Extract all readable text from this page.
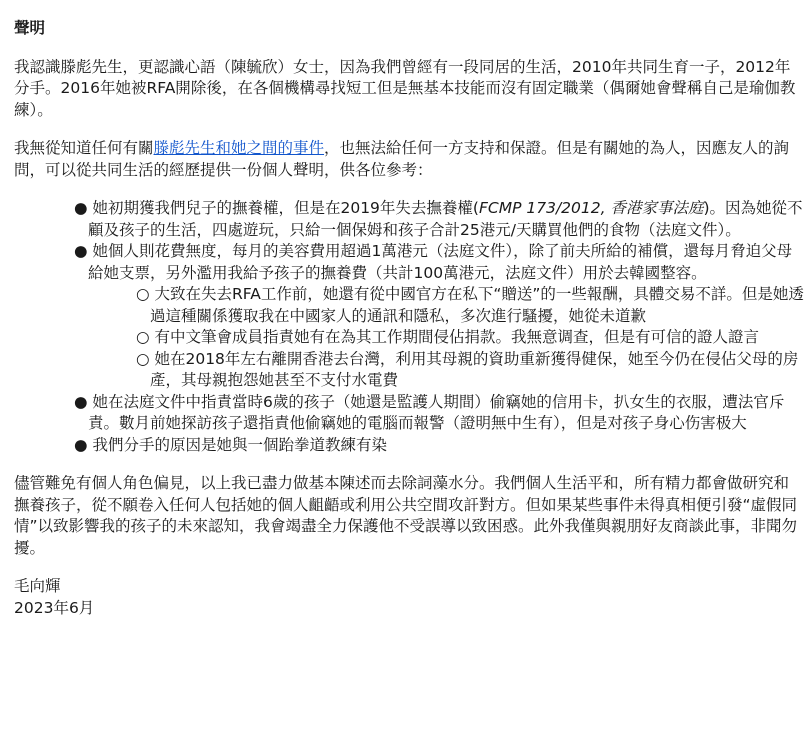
聲明

我認識滕彪先生，更認識心語（陳毓欣）女士，因為我們曾經有一段同居的生活，2010年共同生育一子，2012年分手。2016年她被RFA開除後，在各個機構尋找短工但是無基本技能而沒有固定職業（偶爾她會聲稱自己是瑜伽教練）。

我無從知道任何有關滕彪先生和她之間的事件，也無法給任何一方支持和保證。但是有關她的為人，因應友人的詢問，可以從共同生活的經歷提供一份個人聲明，供各位參考：

● 她初期獲我們兒子的撫養權，但是在2019年失去撫養權(FCMP 173/2012, 香港家事法庭)。因為她從不顧及孩子的生活，四處遊玩，只給一個保姆和孩子合計25港元/天購買他們的食物（法庭文件）。
● 她個人則花費無度，每月的美容費用超過1萬港元（法庭文件），除了前夫所給的補償，還每月脅迫父母給她支票，另外濫用我給予孩子的撫養費（共計100萬港元，法庭文件）用於去韓國整容。
○ 大致在失去RFA工作前，她還有從中國官方在私下“贈送”的一些報酬，具體交易不詳。但是她透過這種關係獲取我在中國家人的通訊和隱私，多次進行騷擾，她從未道歉
○ 有中文筆會成員指責她有在為其工作期間侵佔捐款。我無意调查，但是有可信的證人證言
○ 她在2018年左右離開香港去台灣，利用其母親的資助重新獲得健保，她至今仍在侵佔父母的房產，其母親抱怨她甚至不支付水電費
● 她在法庭文件中指責當時6歲的孩子（她還是監護人期間）偷竊她的信用卡，扒女生的衣服，遭法官斥責。數月前她探訪孩子還指責他偷竊她的電腦而報警（證明無中生有），但是对孩子身心伤害极大
● 我們分手的原因是她與一個跆拳道教練有染

儘管難免有個人角色偏見，以上我已盡力做基本陳述而去除詞藻水分。我們個人生活平和，所有精力都會做研究和撫養孩子，從不願卷入任何人包括她的個人齟齬或利用公共空間攻訐對方。但如果某些事件未得真相便引發“虛假同情”以致影響我的孩子的未來認知，我會竭盡全力保護他不受誤導以致困惑。此外我僅與親朋好友商談此事，非聞勿擾。

毛向輝
2023年6月
